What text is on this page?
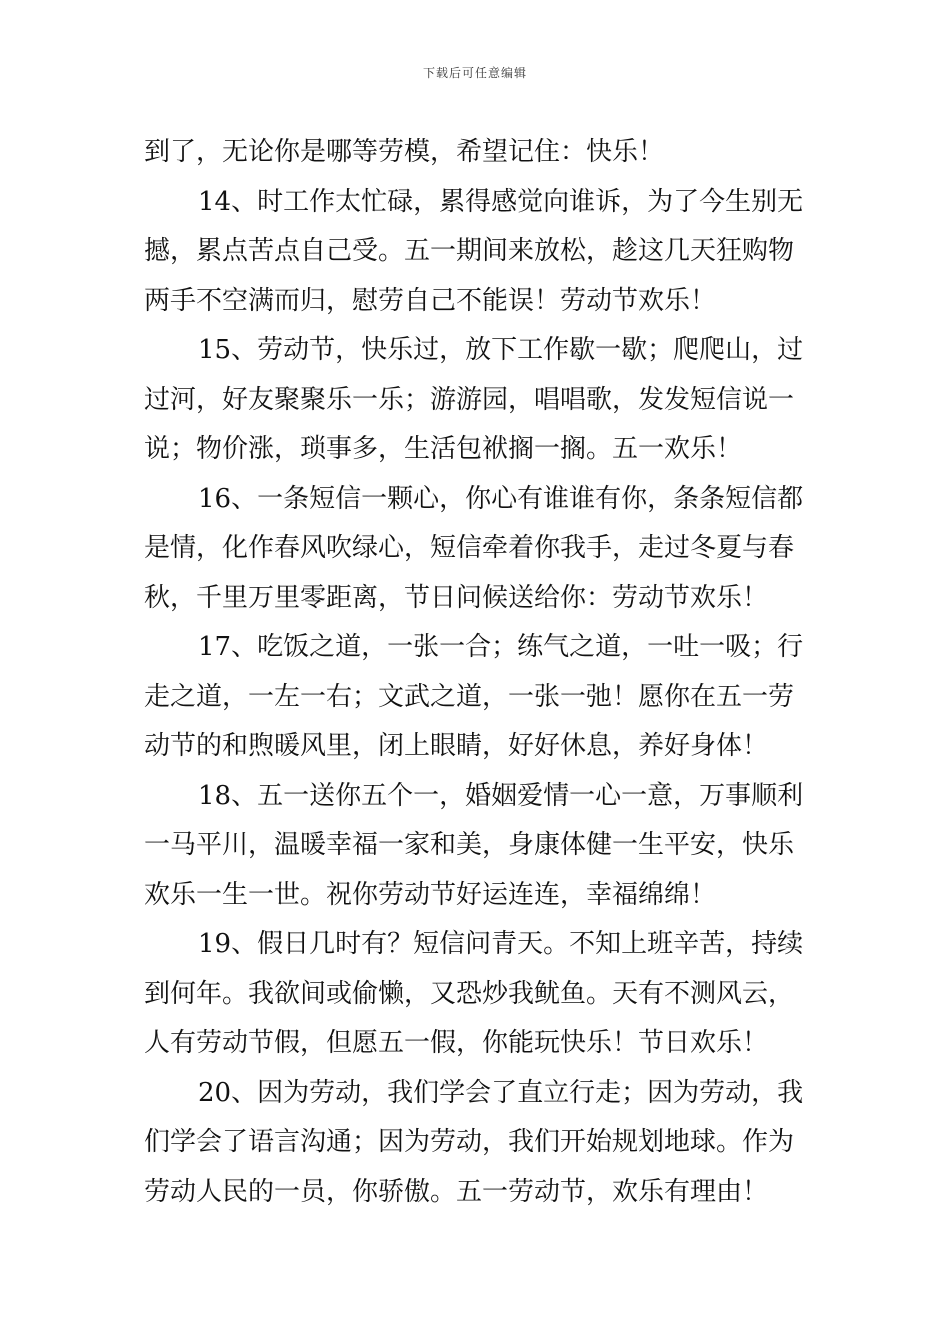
下载后可任意编辑
到了，无论你是哪等劳模，希望记住：快乐！
14、时工作太忙碌，累得感觉向谁诉，为了今生别无
撼，累点苦点自己受。五一期间来放松，趁这几天狂购物
两手不空满而归，慰劳自己不能误！劳动节欢乐！
15、劳动节，快乐过，放下工作歇一歇；爬爬山，过
过河，好友聚聚乐一乐；游游园，唱唱歌，发发短信说一
说；物价涨，琐事多，生活包袱搁一搁。五一欢乐！
16、一条短信一颗心，你心有谁谁有你，条条短信都
是情，化作春风吹绿心，短信牵着你我手，走过冬夏与春
秋，千里万里零距离，节日问候送给你：劳动节欢乐！
17、吃饭之道，一张一合；练气之道，一吐一吸；行
走之道，一左一右；文武之道，一张一弛！愿你在五一劳
动节的和煦暖风里，闭上眼睛，好好休息，养好身体！
18、五一送你五个一，婚姻爱情一心一意，万事顺利
一马平川，温暖幸福一家和美，身康体健一生平安，快乐
欢乐一生一世。祝你劳动节好运连连，幸福绵绵！
19、假日几时有？短信问青天。不知上班辛苦，持续
到何年。我欲间或偷懒，又恐炒我鱿鱼。天有不测风云，
人有劳动节假，但愿五一假，你能玩快乐！节日欢乐！
20、因为劳动，我们学会了直立行走；因为劳动，我
们学会了语言沟通；因为劳动，我们开始规划地球。作为
劳动人民的一员，你骄傲。五一劳动节，欢乐有理由！
